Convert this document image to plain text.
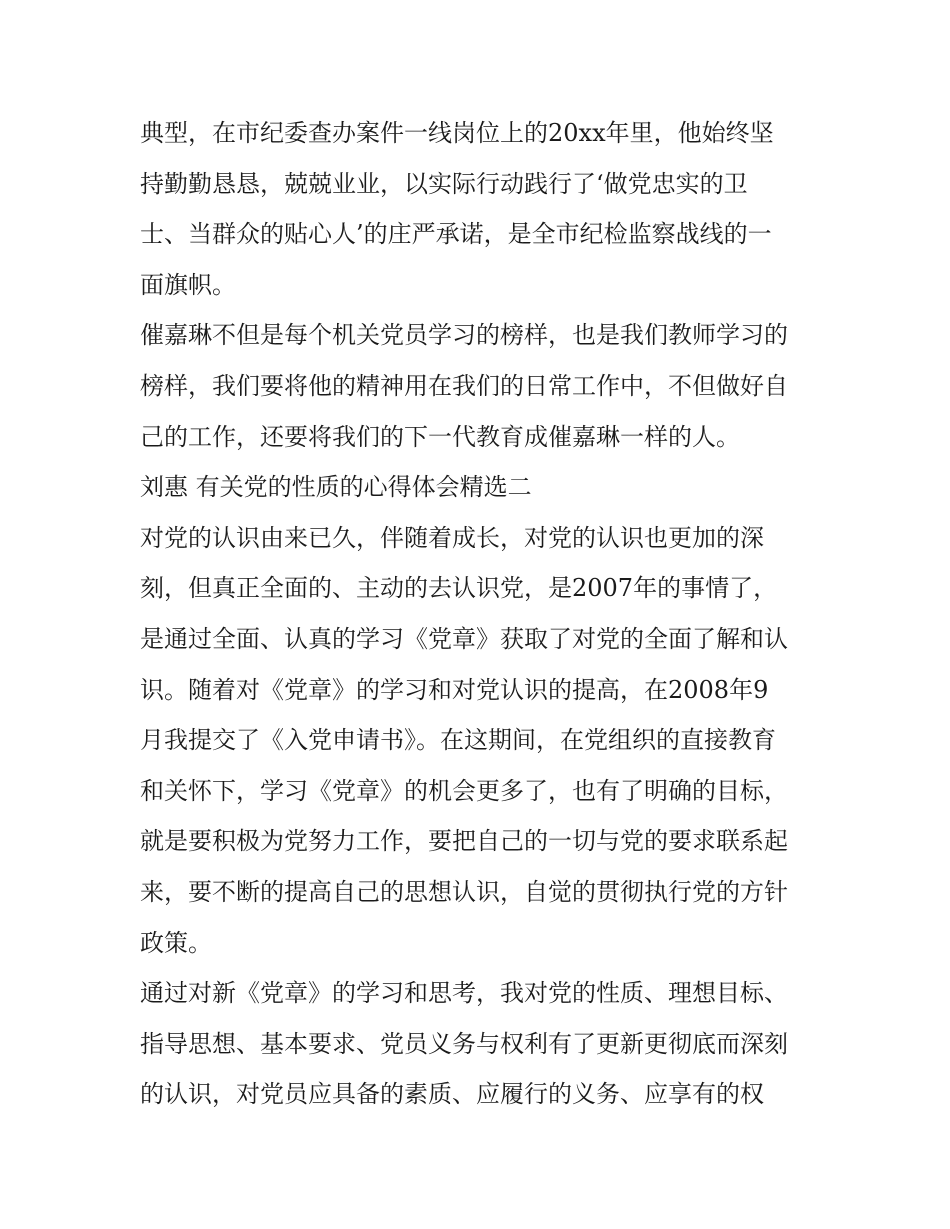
典型，在市纪委查办案件一线岗位上的20xx年里，他始终坚
持勤勤恳恳，兢兢业业，以实际行动践行了‘做党忠实的卫
士、当群众的贴心人’的庄严承诺，是全市纪检监察战线的一
面旗帜。
催嘉琳不但是每个机关党员学习的榜样，也是我们教师学习的
榜样，我们要将他的精神用在我们的日常工作中，不但做好自
己的工作，还要将我们的下一代教育成催嘉琳一样的人。
刘惠 有关党的性质的心得体会精选二
对党的认识由来已久，伴随着成长，对党的认识也更加的深
刻，但真正全面的、主动的去认识党，是2007年的事情了，
是通过全面、认真的学习《党章》获取了对党的全面了解和认
识。随着对《党章》的学习和对党认识的提高，在2008年9
月我提交了《入党申请书》。在这期间，在党组织的直接教育
和关怀下，学习《党章》的机会更多了，也有了明确的目标，
就是要积极为党努力工作，要把自己的一切与党的要求联系起
来，要不断的提高自己的思想认识，自觉的贯彻执行党的方针
政策。
通过对新《党章》的学习和思考，我对党的性质、理想目标、
指导思想、基本要求、党员义务与权利有了更新更彻底而深刻
的认识，对党员应具备的素质、应履行的义务、应享有的权
